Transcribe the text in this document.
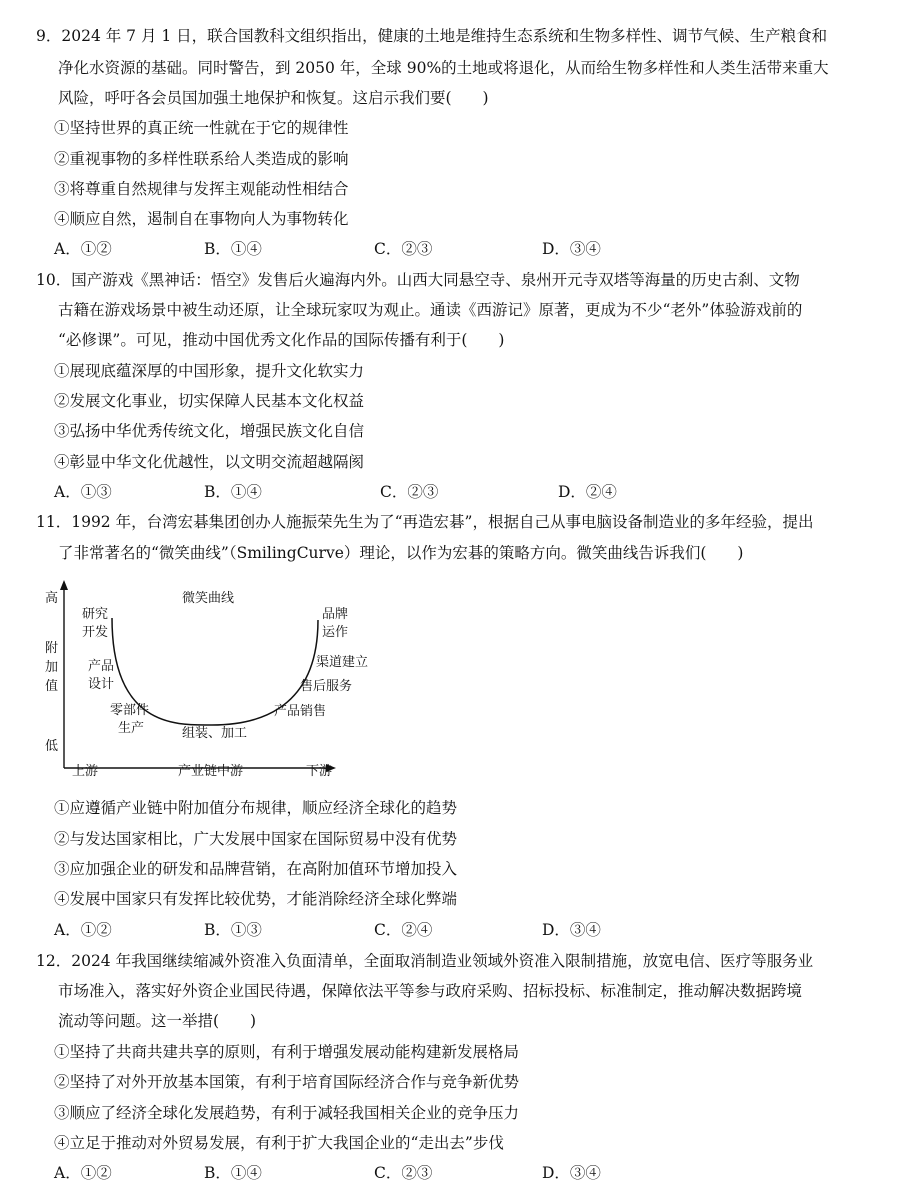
9．2024 年 7 月 1 日，联合国教科文组织指出，健康的土地是维持生态系统和生物多样性、调节气候、生产粮食和
净化水资源的基础。同时警告，到 2050 年，全球 90%的土地或将退化，从而给生物多样性和人类生活带来重大
风险，呼吁各会员国加强土地保护和恢复。这启示我们要(　　)
①坚持世界的真正统一性就在于它的规律性
②重视事物的多样性联系给人类造成的影响
③将尊重自然规律与发挥主观能动性相结合
④顺应自然，遏制自在事物向人为事物转化
A．①②	B．①④	C．②③	D．③④
10．国产游戏《黑神话：悟空》发售后火遍海内外。山西大同悬空寺、泉州开元寺双塔等海量的历史古刹、文物
古籍在游戏场景中被生动还原，让全球玩家叹为观止。通读《西游记》原著，更成为不少“老外”体验游戏前的
“必修课”。可见，推动中国优秀文化作品的国际传播有利于(　　)
①展现底蕴深厚的中国形象，提升文化软实力
②发展文化事业，切实保障人民基本文化权益
③弘扬中华优秀传统文化，增强民族文化自信
④彰显中华文化优越性，以文明交流超越隔阂
A．①③	B．①④	C．②③	D．②④
11．1992 年，台湾宏碁集团创办人施振荣先生为了“再造宏碁”，根据自己从事电脑设备制造业的多年经验，提出
了非常著名的“微笑曲线”（SmilingCurve）理论，以作为宏碁的策略方向。微笑曲线告诉我们(　　)
微笑曲线
高
低
附
加
值
上游	产业链中游	下游
研究
开发
产品
设计
零部件
生产	组装、加工
品牌
运作
渠道建立
售后服务
产品销售
①应遵循产业链中附加值分布规律，顺应经济全球化的趋势
②与发达国家相比，广大发展中国家在国际贸易中没有优势
③应加强企业的研发和品牌营销，在高附加值环节增加投入
④发展中国家只有发挥比较优势，才能消除经济全球化弊端
A．①②	B．①③	C．②④	D．③④
12．2024 年我国继续缩减外资准入负面清单，全面取消制造业领域外资准入限制措施，放宽电信、医疗等服务业
市场准入，落实好外资企业国民待遇，保障依法平等参与政府采购、招标投标、标准制定，推动解决数据跨境
流动等问题。这一举措(　　)
①坚持了共商共建共享的原则，有利于增强发展动能构建新发展格局
②坚持了对外开放基本国策，有利于培育国际经济合作与竞争新优势
③顺应了经济全球化发展趋势，有利于减轻我国相关企业的竞争压力
④立足于推动对外贸易发展，有利于扩大我国企业的“走出去”步伐
A．①②	B．①④	C．②③	D．③④
